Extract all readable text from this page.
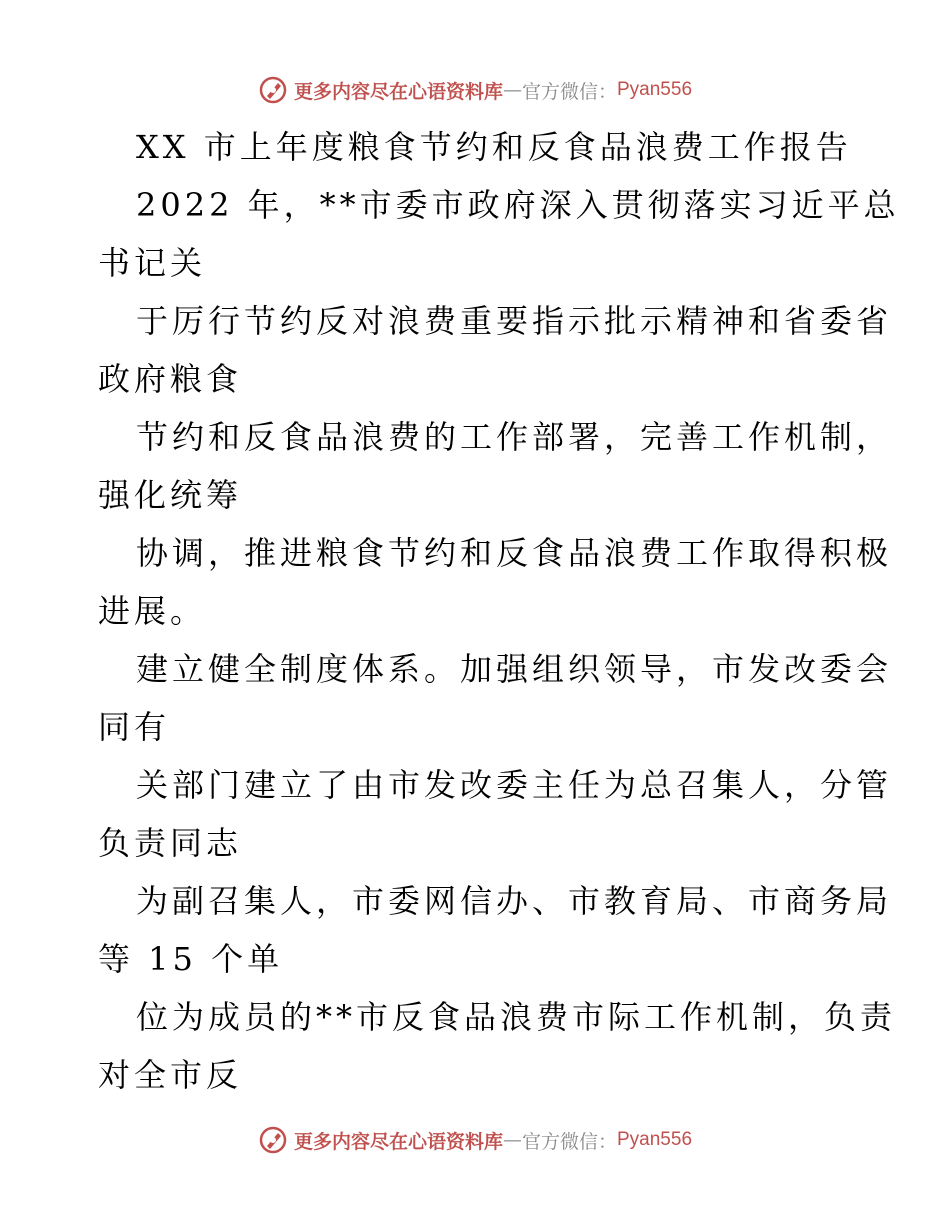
更多内容尽在心语资料库 — 官方微信： Pyan556
XX 市上年度粮食节约和反食品浪费工作报告
2022 年，**市委市政府深入贯彻落实习近平总
书记关
于厉行节约反对浪费重要指示批示精神和省委省
政府粮食
节约和反食品浪费的工作部署，完善工作机制，
强化统筹
协调，推进粮食节约和反食品浪费工作取得积极
进展。
建立健全制度体系。加强组织领导，市发改委会
同有
关部门建立了由市发改委主任为总召集人，分管
负责同志
为副召集人，市委网信办、市教育局、市商务局
等 15 个单
位为成员的**市反食品浪费市际工作机制，负责
对全市反
更多内容尽在心语资料库 — 官方微信： Pyan556
